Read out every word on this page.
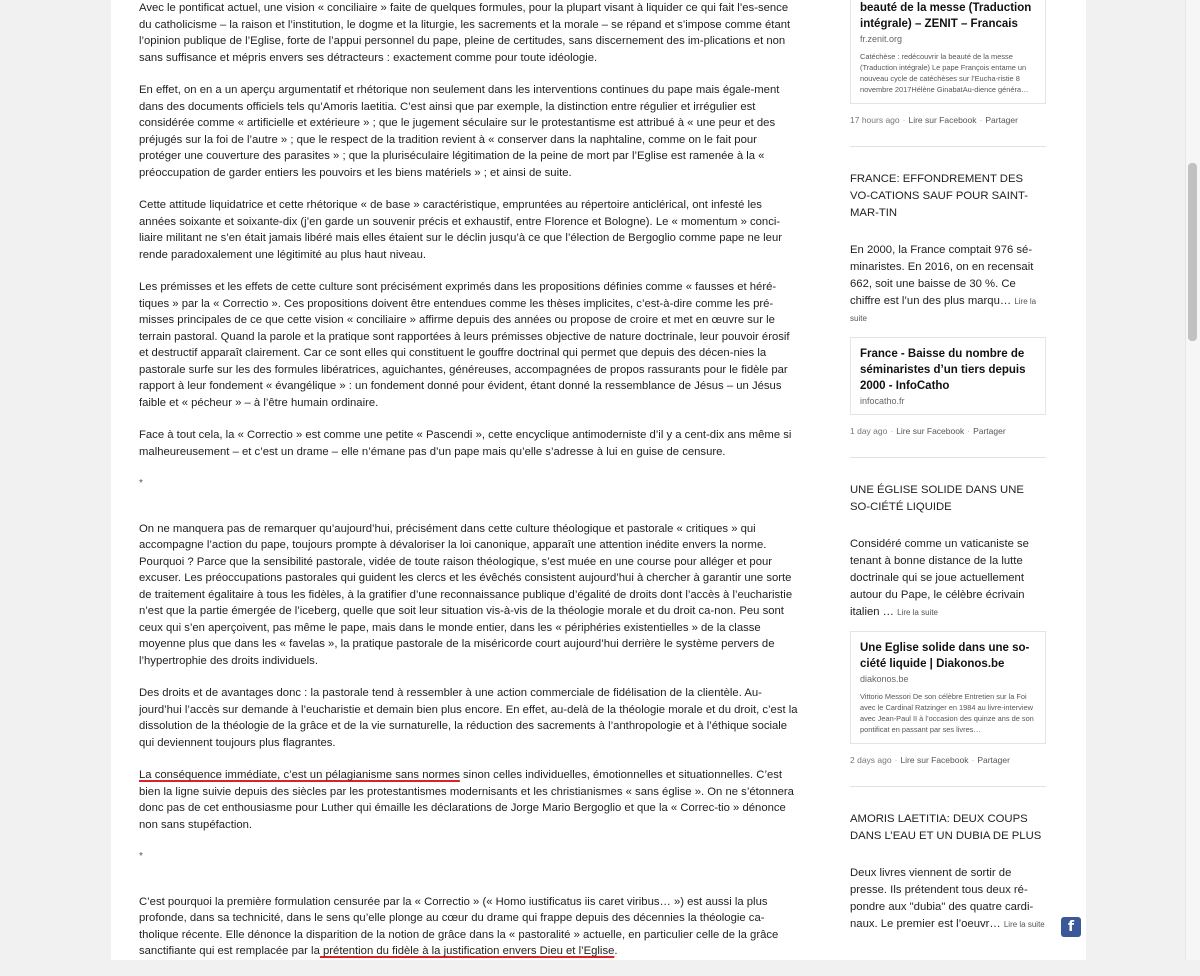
Avec le pontificat actuel, une vision « conciliaire » faite de quelques formules, pour la plupart visant à liquider ce qui fait l’es-sence du catholicisme – la raison et l’institution, le dogme et la liturgie, les sacrements et la morale – se répand et s’impose comme étant l’opinion publique de l’Eglise, forte de l’appui personnel du pape, pleine de certitudes, sans discernement des im-plications et non sans suffisance et mépris envers ses détracteurs : exactement comme pour toute idéologie.

En effet, on en a un aperçu argumentatif et rhétorique non seulement dans les interventions continues du pape mais égale-ment dans des documents officiels tels qu’Amoris laetitia. C’est ainsi que par exemple, la distinction entre régulier et irrégulier est considérée comme « artificielle et extérieure » ; que le jugement séculaire sur le protestantisme est attribué à « une peur et des préjugés sur la foi de l’autre » ; que le respect de la tradition revient à « conserver dans la naphtaline, comme on le fait pour protéger une couverture des parasites » ; que la pluriséculaire légitimation de la peine de mort par l’Eglise est ramenée à la « préoccupation de garder entiers les pouvoirs et les biens matériels » ; et ainsi de suite.

Cette attitude liquidatrice et cette rhétorique « de base » caractéristique, empruntées au répertoire anticlérical, ont infesté les années soixante et soixante-dix (j’en garde un souvenir précis et exhaustif, entre Florence et Bologne). Le « momentum » conci-liaire militant ne s’en était jamais libéré mais elles étaient sur le déclin jusqu’à ce que l’élection de Bergoglio comme pape ne leur rende paradoxalement une légitimité au plus haut niveau.

Les prémisses et les effets de cette culture sont précisément exprimés dans les propositions définies comme « fausses et héré-tiques » par la « Correctio ». Ces propositions doivent être entendues comme les thèses implicites, c’est-à-dire comme les pré-misses principales de ce que cette vision « conciliaire » affirme depuis des années ou propose de croire et met en œuvre sur le terrain pastoral. Quand la parole et la pratique sont rapportées à leurs prémisses objective de nature doctrinale, leur pouvoir érosif et destructif apparaît clairement. Car ce sont elles qui constituent le gouffre doctrinal qui permet que depuis des décen-nies la pastorale surfe sur les des formules libératrices, aguichantes, généreuses, accompagnées de propos rassurants pour le fidèle par rapport à leur fondement « évangélique » : un fondement donné pour évident, étant donné la ressemblance de Jésus – un Jésus faible et « pécheur » – à l’être humain ordinaire.

Face à tout cela, la « Correctio » est comme une petite « Pascendi », cette encyclique antimoderniste d’il y a cent-dix ans même si malheureusement – et c’est un drame – elle n’émane pas d’un pape mais qu’elle s’adresse à lui en guise de censure.

*

On ne manquera pas de remarquer qu’aujourd’hui, précisément dans cette culture théologique et pastorale « critiques » qui accompagne l’action du pape, toujours prompte à dévaloriser la loi canonique, apparaît une attention inédite envers la norme. Pourquoi ? Parce que la sensibilité pastorale, vidée de toute raison théologique, s’est muée en une course pour alléger et pour excuser. Les préoccupations pastorales qui guident les clercs et les évêchés consistent aujourd’hui à chercher à garantir une sorte de traitement égalitaire à tous les fidèles, à la gratifier d’une reconnaissance publique d’égalité de droits dont l’accès à l’eucharistie n’est que la partie émergée de l’iceberg, quelle que soit leur situation vis-à-vis de la théologie morale et du droit ca-non. Peu sont ceux qui s’en aperçoivent, pas même le pape, mais dans le monde entier, dans les « périphéries existentielles » de la classe moyenne plus que dans les « favelas », la pratique pastorale de la miséricorde court aujourd’hui derrière le système pervers de l’hypertrophie des droits individuels.

Des droits et de avantages donc : la pastorale tend à ressembler à une action commerciale de fidélisation de la clientèle. Au-jourd’hui l’accès sur demande à l’eucharistie et demain bien plus encore. En effet, au-delà de la théologie morale et du droit, c’est la dissolution de la théologie de la grâce et de la vie surnaturelle, la réduction des sacrements à l’anthropologie et à l’éthique sociale qui deviennent toujours plus flagrantes.

La conséquence immédiate, c’est un pélagianisme sans normes sinon celles individuelles, émotionnelles et situationnelles. C’est bien la ligne suivie depuis des siècles par les protestantismes modernisants et les christianismes « sans église ». On ne s’étonnera donc pas de cet enthousiasme pour Luther qui émaille les déclarations de Jorge Mario Bergoglio et que la « Correc-tio » dénonce non sans stupéfaction.

*

C’est pourquoi la première formulation censurée par la « Correctio » (« Homo iustificatus iis caret viribus… ») est aussi la plus profonde, dans sa technicité, dans le sens qu’elle plonge au cœur du drame qui frappe depuis des décennies la théologie ca-tholique récente. Elle dénonce la disparition de la notion de grâce dans la « pastoralité » actuelle, en particulier celle de la grâce sanctifiante qui est remplacée par la prétention du fidèle à la justification envers Dieu et l’Eglise.

beauté de la messe (Traduction intégrale) – ZENIT – Francais
fr.zenit.org
Catéchèse : redécouvrir la beauté de la messe (Traduction intégrale) Le pape François entame un nouveau cycle de catéchèses sur l’Eucha-ristie 8 novembre 2017Hélène GinabatAu-dience généra…
17 hours ago · Lire sur Facebook · Partager
FRANCE: EFFONDREMENT DES VO-CATIONS SAUF POUR SAINT-MAR-TIN
En 2000, la France comptait 976 sé-minaristes. En 2016, on en recensait 662, soit une baisse de 30 %. Ce chiffre est l’un des plus marqu… Lire la suite
France - Baisse du nombre de séminaristes d’un tiers depuis 2000 - InfoCatho
infocatho.fr
1 day ago · Lire sur Facebook · Partager
UNE ÉGLISE SOLIDE DANS UNE SO-CIÉTÉ LIQUIDE
Considéré comme un vaticaniste se tenant à bonne distance de la lutte doctrinale qui se joue actuellement autour du Pape, le célèbre écrivain italien … Lire la suite
Une Eglise solide dans une so-ciété liquide | Diakonos.be
diakonos.be
Vittorio Messori De son célèbre Entretien sur la Foi avec le Cardinal Ratzinger en 1984 au livre-interview avec Jean-Paul II à l’occasion des quinze ans de son pontificat en passant par ses livres…
2 days ago · Lire sur Facebook · Partager
AMORIS LAETITIA: DEUX COUPS DANS L’EAU ET UN DUBIA DE PLUS
Deux livres viennent de sortir de presse. Ils prétendent tous deux ré-pondre aux "dubia" des quatre cardi-naux. Le premier est l’oeuvr… Lire la suite	f
